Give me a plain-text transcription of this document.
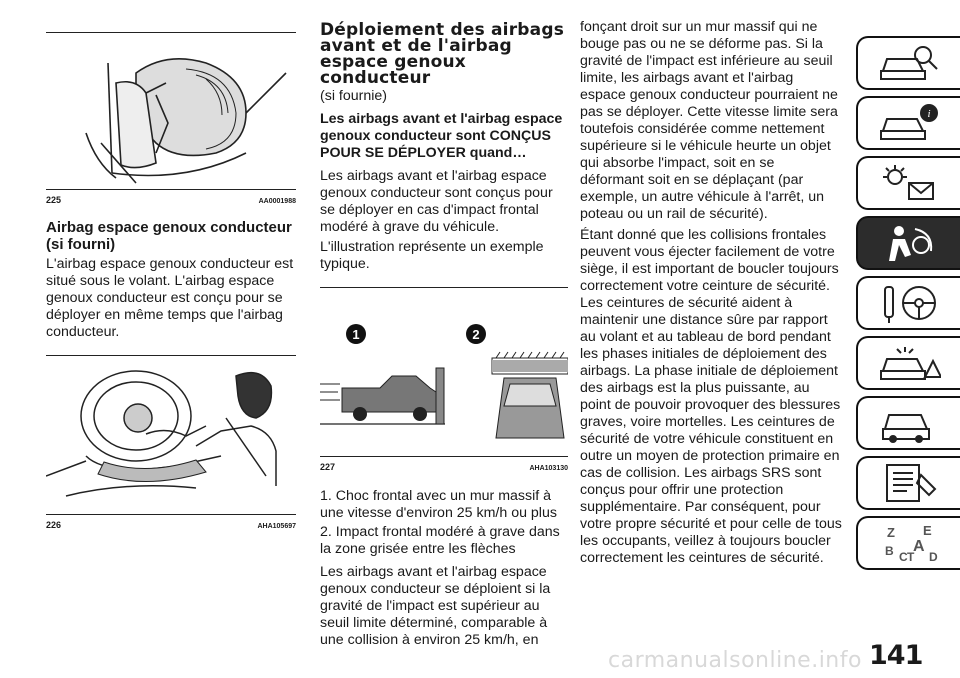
225	AA0001988
Airbag espace genoux conducteur (si fourni)
L'airbag espace genoux conducteur est situé sous le volant. L'airbag espace genoux conducteur est conçu pour se déployer en même temps que l'airbag conducteur.
226	AHA105697
Déploiement des airbags avant et de l'airbag espace genoux conducteur
(si fournie)
Les airbags avant et l'airbag espace genoux conducteur sont CONÇUS POUR SE DÉPLOYER quand…
Les airbags avant et l'airbag espace genoux conducteur sont conçus pour se déployer en cas d'impact frontal modéré à grave du véhicule.
L'illustration représente un exemple typique.
1	2
227	AHA103130
1. Choc frontal avec un mur massif à une vitesse d'environ 25 km/h ou plus
2. Impact frontal modéré à grave dans la zone grisée entre les flèches
Les airbags avant et l'airbag espace genoux conducteur se déploient si la gravité de l'impact est supérieur au seuil limite déterminé, comparable à une collision à environ 25 km/h, en
fonçant droit sur un mur massif qui ne bouge pas ou ne se déforme pas. Si la gravité de l'impact est inférieure au seuil limite, les airbags avant et l'airbag espace genoux conducteur pourraient ne pas se déployer. Cette vitesse limite sera toutefois considérée comme nettement supérieure si le véhicule heurte un objet qui absorbe l'impact, soit en se déformant soit en se déplaçant (par exemple, un autre véhicule à l'arrêt, un poteau ou un rail de sécurité).
Étant donné que les collisions frontales peuvent vous éjecter facilement de votre siège, il est important de boucler toujours correctement votre ceinture de sécurité. Les ceintures de sécurité aident à maintenir une distance sûre par rapport au volant et au tableau de bord pendant les phases initiales de déploiement des airbags. La phase initiale de déploiement des airbags est la plus puissante, au point de pouvoir provoquer des blessures graves, voire mortelles. Les ceintures de sécurité de votre véhicule constituent en outre un moyen de protection primaire en cas de collision. Les airbags SRS sont conçus pour offrir une protection supplémentaire. Par conséquent, pour votre propre sécurité et pour celle de tous les occupants, veillez à toujours boucler correctement les ceintures de sécurité.
i
Z E
A
B C T D
carmanualsonline.info 141
